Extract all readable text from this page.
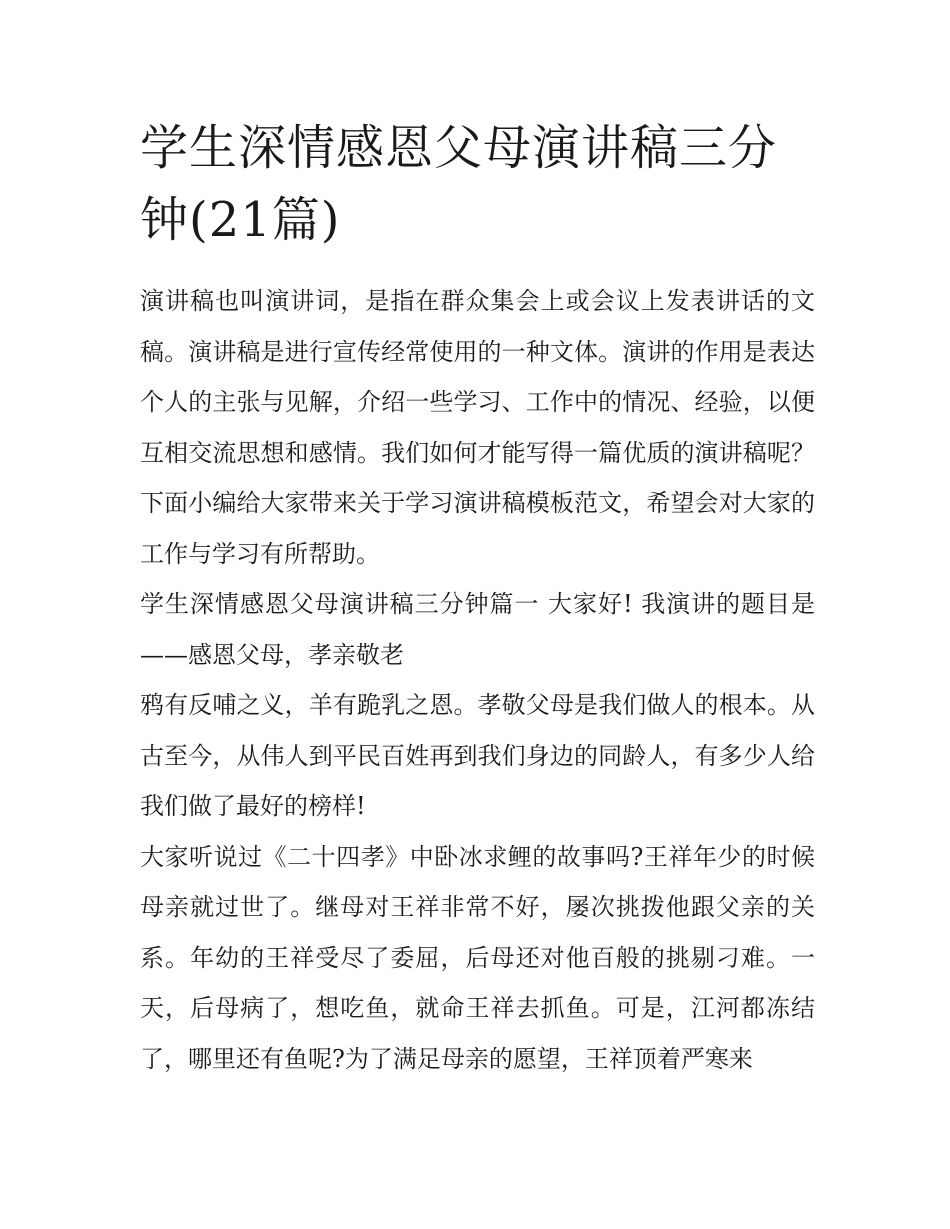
学生深情感恩父母演讲稿三分钟(21篇)

演讲稿也叫演讲词，是指在群众集会上或会议上发表讲话的文稿。演讲稿是进行宣传经常使用的一种文体。演讲的作用是表达个人的主张与见解，介绍一些学习、工作中的情况、经验，以便互相交流思想和感情。我们如何才能写得一篇优质的演讲稿呢？下面小编给大家带来关于学习演讲稿模板范文，希望会对大家的工作与学习有所帮助。

学生深情感恩父母演讲稿三分钟篇一 大家好! 我演讲的题目是——感恩父母，孝亲敬老

鸦有反哺之义，羊有跪乳之恩。孝敬父母是我们做人的根本。从古至今，从伟人到平民百姓再到我们身边的同龄人，有多少人给我们做了最好的榜样!

大家听说过《二十四孝》中卧冰求鲤的故事吗?王祥年少的时候母亲就过世了。继母对王祥非常不好，屡次挑拨他跟父亲的关系。年幼的王祥受尽了委屈，后母还对他百般的挑剔刁难。一天，后母病了，想吃鱼，就命王祥去抓鱼。可是，江河都冻结了，哪里还有鱼呢?为了满足母亲的愿望，王祥顶着严寒来
